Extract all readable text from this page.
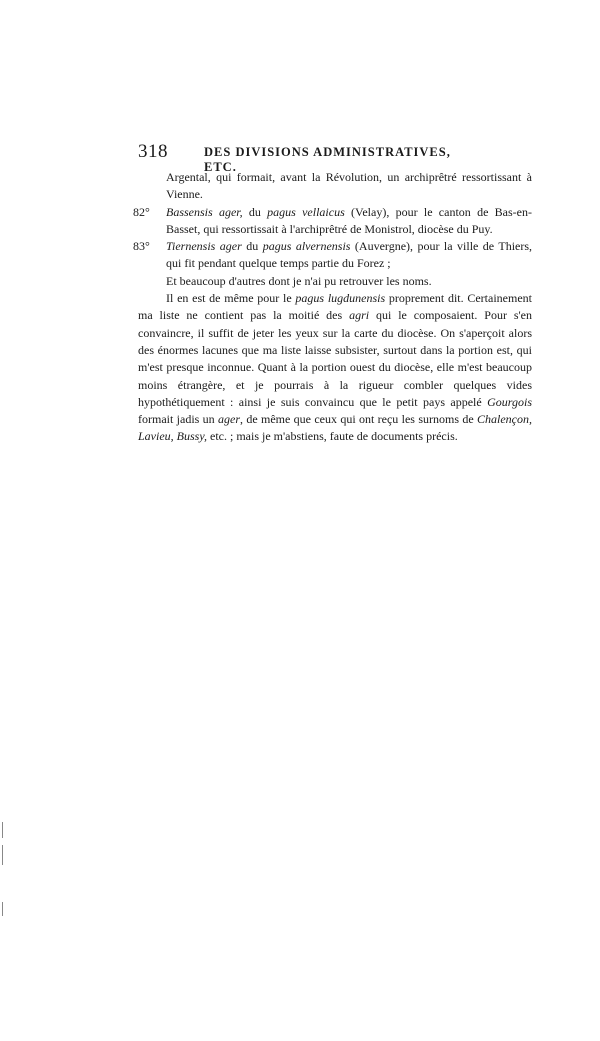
318	DES DIVISIONS ADMINISTRATIVES, ETC.
Argental, qui formait, avant la Révolution, un archiprêtré ressortissant à Vienne.
82° Bassensis ager, du pagus vellaicus (Velay), pour le canton de Bas-en-Basset, qui ressortissait à l'archiprêtré de Monistrol, diocèse du Puy.
83° Tiernensis ager du pagus alvernensis (Auvergne), pour la ville de Thiers, qui fit pendant quelque temps partie du Forez ;
Et beaucoup d'autres dont je n'ai pu retrouver les noms.
Il en est de même pour le pagus lugdunensis proprement dit. Certainement ma liste ne contient pas la moitié des agri qui le composaient. Pour s'en convaincre, il suffit de jeter les yeux sur la carte du diocèse. On s'aperçoit alors des énormes lacunes que ma liste laisse subsister, surtout dans la portion est, qui m'est presque inconnue. Quant à la portion ouest du diocèse, elle m'est beaucoup moins étrangère, et je pourrais à la rigueur combler quelques vides hypothétiquement : ainsi je suis convaincu que le petit pays appelé Gourgois formait jadis un ager, de même que ceux qui ont reçu les surnoms de Chalençon, Lavieu, Bussy, etc. ; mais je m'abstiens, faute de documents précis.
